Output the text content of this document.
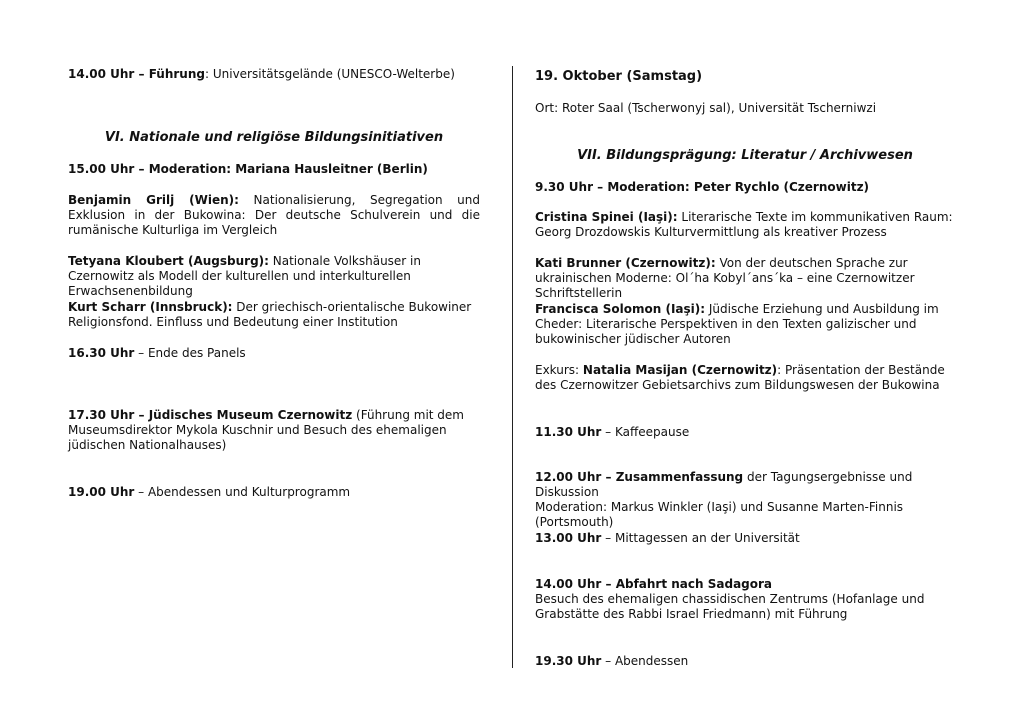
14.00 Uhr – Führung: Universitätsgelände (UNESCO-Welterbe)

VI. Nationale und religiöse Bildungsinitiativen

15.00 Uhr – Moderation: Mariana Hausleitner (Berlin)

Benjamin Grilj (Wien): Nationalisierung, Segregation und Exklusion in der Bukowina: Der deutsche Schulverein und die rumänische Kulturliga im Vergleich

Tetyana Kloubert (Augsburg): Nationale Volkshäuser in Czernowitz als Modell der kulturellen und interkulturellen Erwachsenenbildung

Kurt Scharr (Innsbruck): Der griechisch-orientalische Bukowiner Religionsfond. Einfluss und Bedeutung einer Institution

16.30 Uhr – Ende des Panels

17.30 Uhr – Jüdisches Museum Czernowitz (Führung mit dem Museumsdirektor Mykola Kuschnir und Besuch des ehemaligen jüdischen Nationalhauses)

19.00 Uhr – Abendessen und Kulturprogramm

19. Oktober (Samstag)

Ort: Roter Saal (Tscherwonyj sal), Universität Tscherniwzi

VII. Bildungsprägung: Literatur / Archivwesen

9.30 Uhr – Moderation: Peter Rychlo (Czernowitz)

Cristina Spinei (Iaşi): Literarische Texte im kommunikativen Raum: Georg Drozdowskis Kulturvermittlung als kreativer Prozess

Kati Brunner (Czernowitz): Von der deutschen Sprache zur ukrainischen Moderne: Ol΄ha Kobyl΄ans΄ka – eine Czernowitzer Schriftstellerin

Francisca Solomon (Iaşi): Jüdische Erziehung und Ausbildung im Cheder: Literarische Perspektiven in den Texten galizischer und bukowinischer jüdischer Autoren

Exkurs: Natalia Masijan (Czernowitz): Präsentation der Bestände des Czernowitzer Gebietsarchivs zum Bildungswesen der Bukowina

11.30 Uhr – Kaffeepause

12.00 Uhr – Zusammenfassung der Tagungsergebnisse und Diskussion
Moderation: Markus Winkler (Iaşi) und Susanne Marten-Finnis (Portsmouth)

13.00 Uhr – Mittagessen an der Universität

14.00 Uhr – Abfahrt nach Sadagora
Besuch des ehemaligen chassidischen Zentrums (Hofanlage und Grabstätte des Rabbi Israel Friedmann) mit Führung

19.30 Uhr – Abendessen
